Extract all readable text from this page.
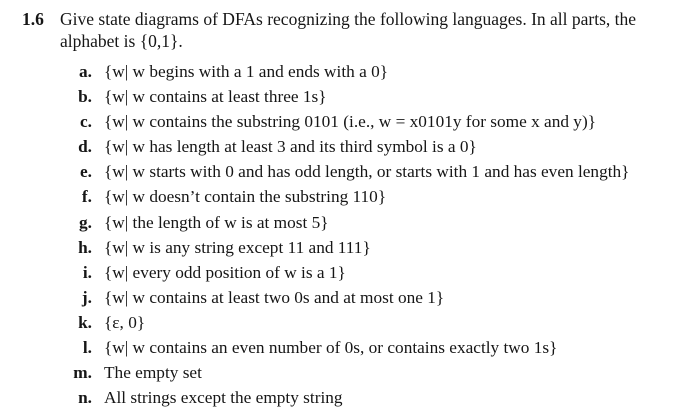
1.6 Give state diagrams of DFAs recognizing the following languages. In all parts, the alphabet is {0,1}.
a. {w| w begins with a 1 and ends with a 0}
b. {w| w contains at least three 1s}
c. {w| w contains the substring 0101 (i.e., w = x0101y for some x and y)}
d. {w| w has length at least 3 and its third symbol is a 0}
e. {w| w starts with 0 and has odd length, or starts with 1 and has even length}
f. {w| w doesn’t contain the substring 110}
g. {w| the length of w is at most 5}
h. {w| w is any string except 11 and 111}
i. {w| every odd position of w is a 1}
j. {w| w contains at least two 0s and at most one 1}
k. {ε, 0}
l. {w| w contains an even number of 0s, or contains exactly two 1s}
m. The empty set
n. All strings except the empty string
